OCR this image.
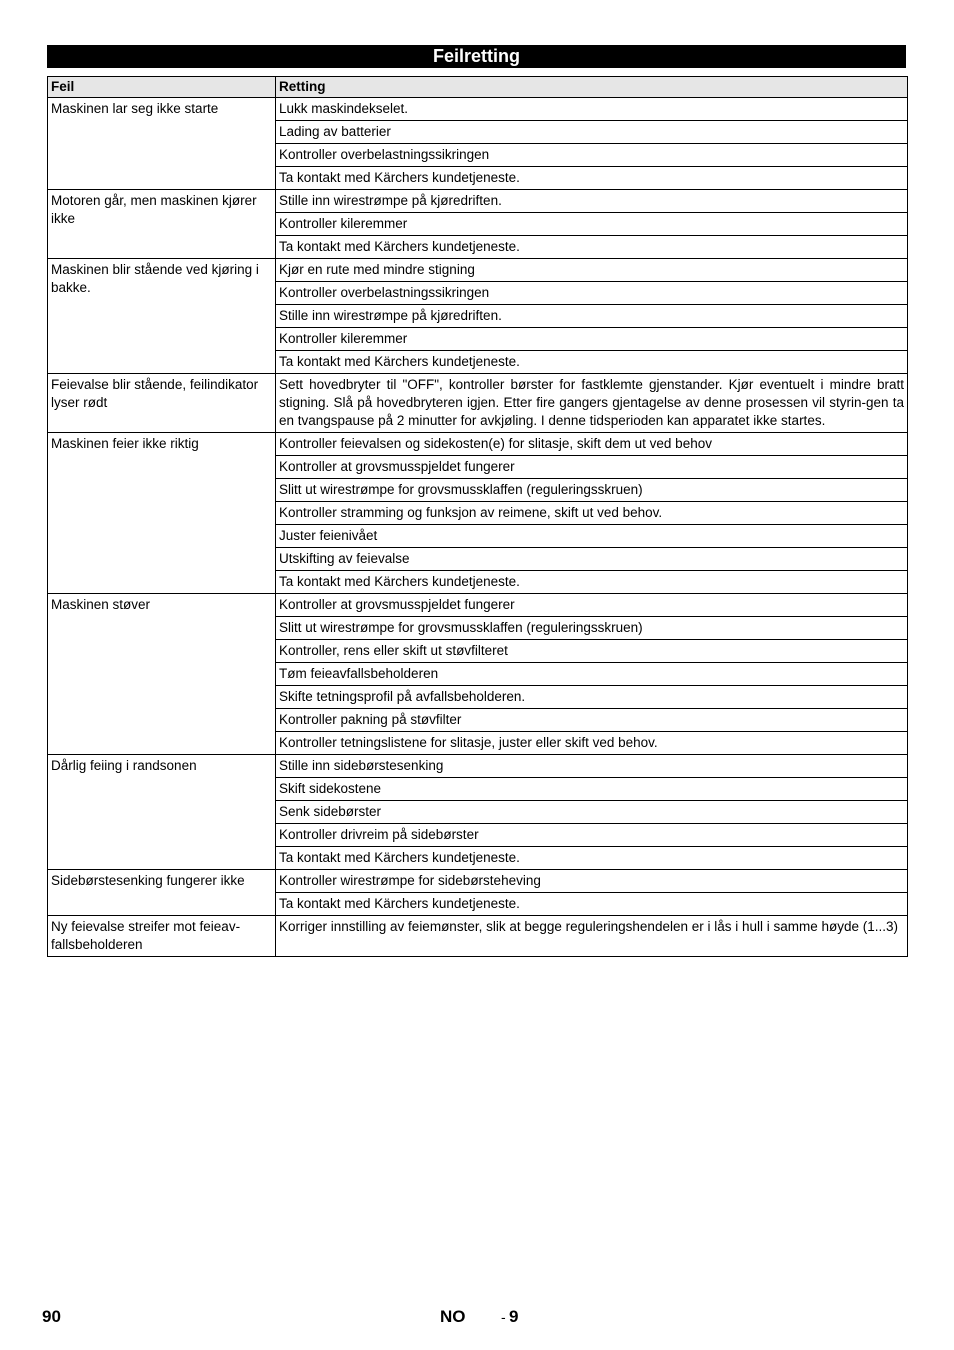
Feilretting
Feil	Retting
Maskinen lar seg ikke starte	Lukk maskindekselet.
	Lading av batterier
	Kontroller overbelastningssikringen
	Ta kontakt med Kärchers kundetjeneste.
Motoren går, men maskinen kjører ikke	Stille inn wirestrømpe på kjøredriften.
	Kontroller kileremmer
	Ta kontakt med Kärchers kundetjeneste.
Maskinen blir stående ved kjøring i bakke.	Kjør en rute med mindre stigning
	Kontroller overbelastningssikringen
	Stille inn wirestrømpe på kjøredriften.
	Kontroller kileremmer
	Ta kontakt med Kärchers kundetjeneste.
Feievalse blir stående, feilindikator lyser rødt	Sett hovedbryter til "OFF", kontroller børster for fastklemte gjenstander. Kjør eventuelt i mindre bratt stigning. Slå på hovedbryteren igjen. Etter fire gangers gjentagelse av denne prosessen vil styrin-gen ta en tvangspause på 2 minutter for avkjøling. I denne tidsperioden kan apparatet ikke startes.
Maskinen feier ikke riktig	Kontroller feievalsen og sidekosten(e) for slitasje, skift dem ut ved behov
	Kontroller at grovsmusspjeldet fungerer
	Slitt ut wirestrømpe for grovsmussklaffen (reguleringsskruen)
	Kontroller stramming og funksjon av reimene, skift ut ved behov.
	Juster feienivået
	Utskifting av feievalse
	Ta kontakt med Kärchers kundetjeneste.
Maskinen støver	Kontroller at grovsmusspjeldet fungerer
	Slitt ut wirestrømpe for grovsmussklaffen (reguleringsskruen)
	Kontroller, rens eller skift ut støvfilteret
	Tøm feieavfallsbeholderen
	Skifte tetningsprofil på avfallsbeholderen.
	Kontroller pakning på støvfilter
	Kontroller tetningslistene for slitasje, juster eller skift ved behov.
Dårlig feiing i randsonen	Stille inn sidebørstesenking
	Skift sidekostene
	Senk sidebørster
	Kontroller drivreim på sidebørster
	Ta kontakt med Kärchers kundetjeneste.
Sidebørstesenking fungerer ikke	Kontroller wirestrømpe for sidebørsteheving
	Ta kontakt med Kärchers kundetjeneste.
Ny feievalse streifer mot feieav-fallsbeholderen	Korriger innstilling av feiemønster, slik at begge reguleringshendelen er i lås i hull i samme høyde (1...3)
90	NO	- 9
